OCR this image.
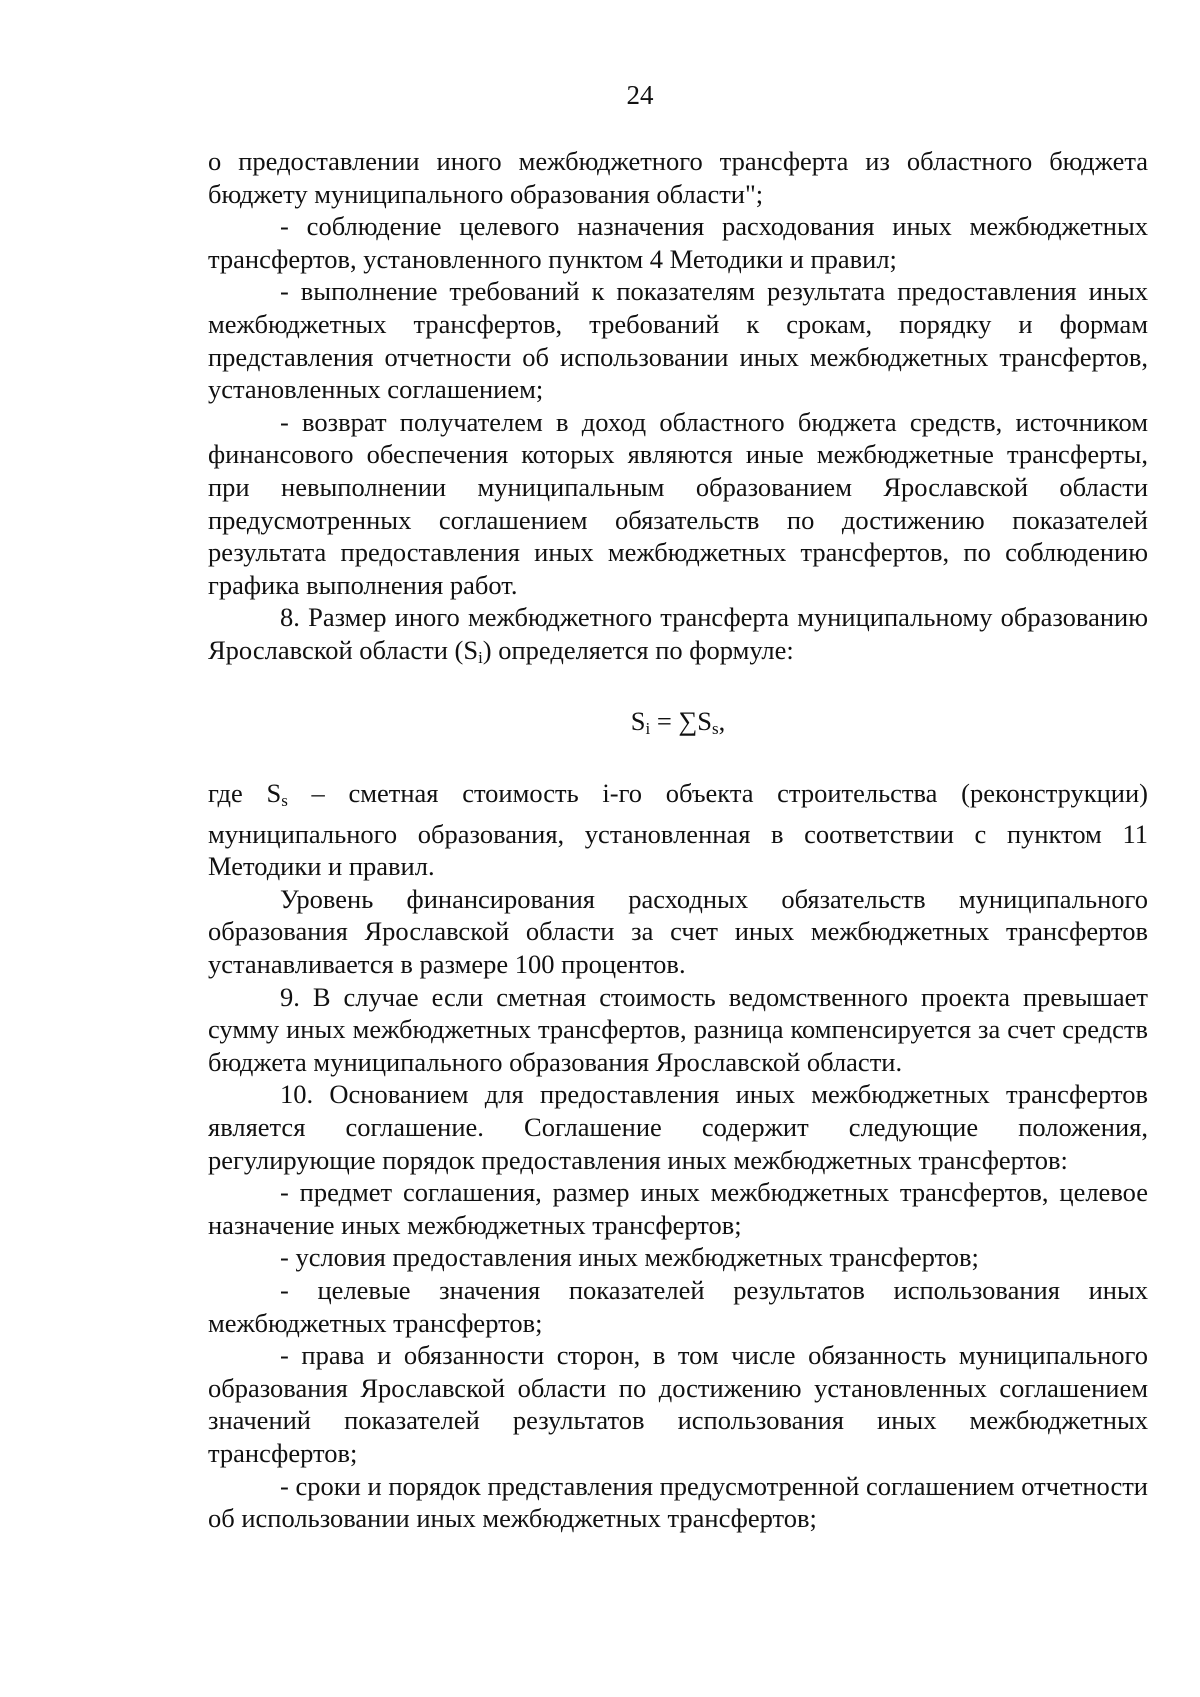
24

о предоставлении иного межбюджетного трансферта из областного бюджета бюджету муниципального образования области";

- соблюдение целевого назначения расходования иных межбюджетных трансфертов, установленного пунктом 4 Методики и правил;

- выполнение требований к показателям результата предоставления иных межбюджетных трансфертов, требований к срокам, порядку и формам представления отчетности об использовании иных межбюджетных трансфертов, установленных соглашением;

- возврат получателем в доход областного бюджета средств, источником финансового обеспечения которых являются иные межбюджетные трансферты, при невыполнении муниципальным образованием Ярославской области предусмотренных соглашением обязательств по достижению показателей результата предоставления иных межбюджетных трансфертов, по соблюдению графика выполнения работ.

8. Размер иного межбюджетного трансферта муниципальному образованию Ярославской области (Si) определяется по формуле:

$S_i = \sum S_s$,

где Ss – сметная стоимость i-го объекта строительства (реконструкции) муниципального образования, установленная в соответствии с пунктом 11 Методики и правил.

Уровень финансирования расходных обязательств муниципального образования Ярославской области за счет иных межбюджетных трансфертов устанавливается в размере 100 процентов.

9. В случае если сметная стоимость ведомственного проекта превышает сумму иных межбюджетных трансфертов, разница компенсируется за счет средств бюджета муниципального образования Ярославской области.

10. Основанием для предоставления иных межбюджетных трансфертов является соглашение. Соглашение содержит следующие положения, регулирующие порядок предоставления иных межбюджетных трансфертов:

- предмет соглашения, размер иных межбюджетных трансфертов, целевое назначение иных межбюджетных трансфертов;

- условия предоставления иных межбюджетных трансфертов;

- целевые значения показателей результатов использования иных межбюджетных трансфертов;

- права и обязанности сторон, в том числе обязанность муниципального образования Ярославской области по достижению установленных соглашением значений показателей результатов использования иных межбюджетных трансфертов;

- сроки и порядок представления предусмотренной соглашением отчетности об использовании иных межбюджетных трансфертов;
